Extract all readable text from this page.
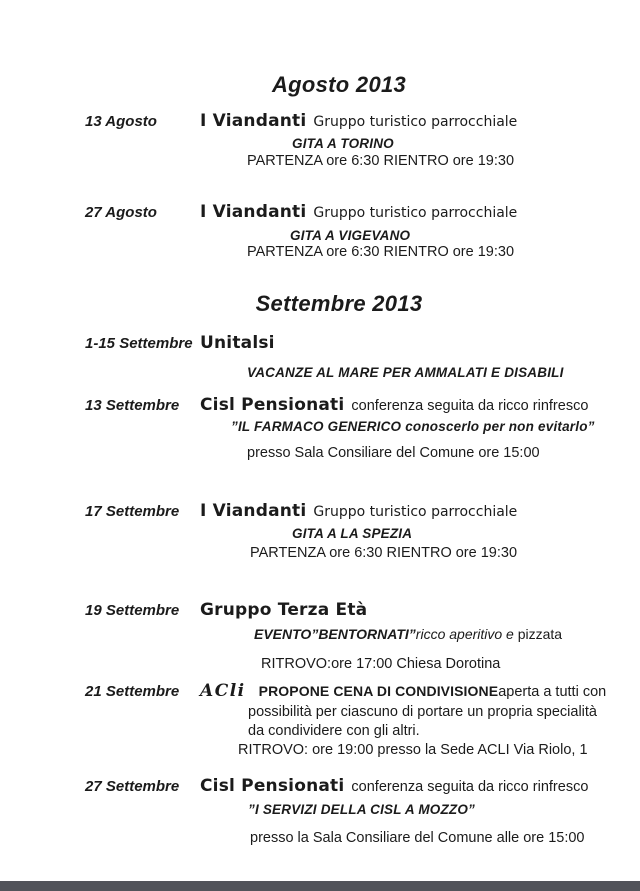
Agosto 2013
13 Agosto	I Viandanti Gruppo turistico parrocchiale
GITA A TORINO
PARTENZA ore 6:30 RIENTRO ore 19:30
27 Agosto	I Viandanti Gruppo turistico parrocchiale
GITA A VIGEVANO
PARTENZA ore 6:30 RIENTRO ore 19:30
Settembre 2013
1-15 Settembre Unitalsi
VACANZE AL MARE PER AMMALATI E DISABILI
13 Settembre	Cisl Pensionati conferenza seguita da ricco rinfresco
”IL FARMACO GENERICO conoscerlo per non evitarlo”
presso Sala Consiliare del Comune ore 15:00
17 Settembre	I Viandanti Gruppo turistico parrocchiale
GITA A LA SPEZIA
PARTENZA ore 6:30 RIENTRO ore 19:30
19 Settembre	Gruppo Terza Età
EVENTO”BENTORNATI”ricco aperitivo e pizzata
RITROVO:ore 17:00 Chiesa Dorotina
21 Settembre	ACli PROPONE CENA DI CONDIVISIONE aperta a tutti con
possibilità per ciascuno di portare un propria specialità
da condividere con gli altri.
RITROVO: ore 19:00 presso la Sede ACLI Via Riolo, 1
27 Settembre	Cisl Pensionati conferenza seguita da ricco rinfresco
”I SERVIZI DELLA CISL A MOZZO”
presso la Sala Consiliare del Comune alle ore 15:00
